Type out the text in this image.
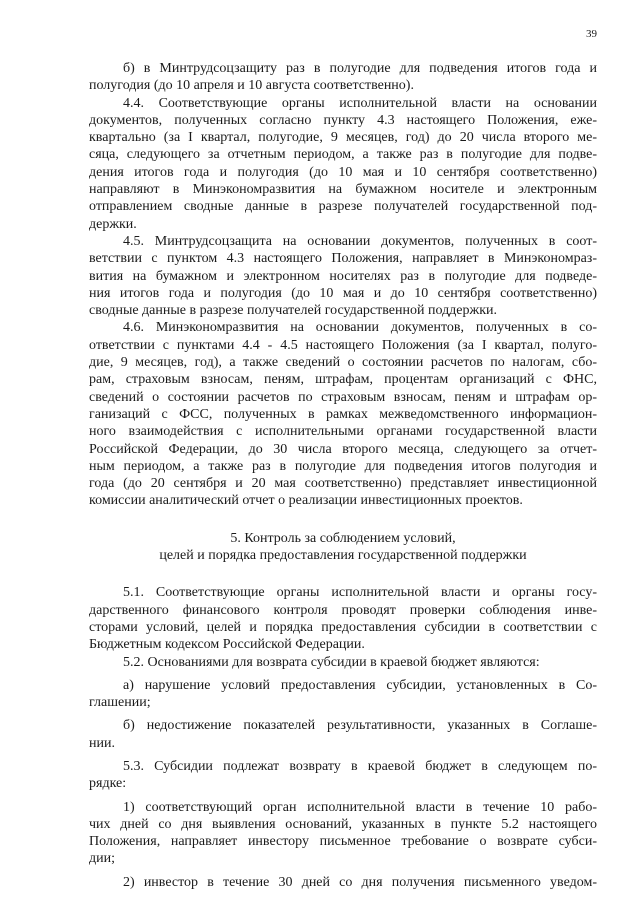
39
б) в Минтрудсоцзащиту раз в полугодие для подведения итогов года и
полугодия (до 10 апреля и 10 августа соответственно).
4.4. Соответствующие органы исполнительной власти на основании
документов, полученных согласно пункту 4.3 настоящего Положения, еже-
квартально (за I квартал, полугодие, 9 месяцев, год) до 20 числа второго ме-
сяца, следующего за отчетным периодом, а также раз в полугодие для подве-
дения итогов года и полугодия (до 10 мая и 10 сентября соответственно)
направляют в Минэкономразвития на бумажном носителе и электронным
отправлением сводные данные в разрезе получателей государственной под-
держки.
4.5. Минтрудсоцзащита на основании документов, полученных в соот-
ветствии с пунктом 4.3 настоящего Положения, направляет в Минэкономраз-
вития на бумажном и электронном носителях раз в полугодие для подведе-
ния итогов года и полугодия (до 10 мая и до 10 сентября соответственно)
сводные данные в разрезе получателей государственной поддержки.
4.6. Минэкономразвития на основании документов, полученных в со-
ответствии с пунктами 4.4 - 4.5 настоящего Положения (за I квартал, полуго-
дие, 9 месяцев, год), а также сведений о состоянии расчетов по налогам, сбо-
рам, страховым взносам, пеням, штрафам, процентам организаций с ФНС,
сведений о состоянии расчетов по страховым взносам, пеням и штрафам ор-
ганизаций с ФСС, полученных в рамках межведомственного информацион-
ного взаимодействия с исполнительными органами государственной власти
Российской Федерации, до 30 числа второго месяца, следующего за отчет-
ным периодом, а также раз в полугодие для подведения итогов полугодия и
года (до 20 сентября и 20 мая соответственно) представляет инвестиционной
комиссии аналитический отчет о реализации инвестиционных проектов.
5. Контроль за соблюдением условий,
целей и порядка предоставления государственной поддержки
5.1. Соответствующие органы исполнительной власти и органы госу-
дарственного финансового контроля проводят проверки соблюдения инве-
сторами условий, целей и порядка предоставления субсидии в соответствии с
Бюджетным кодексом Российской Федерации.
5.2. Основаниями для возврата субсидии в краевой бюджет являются:
а) нарушение условий предоставления субсидии, установленных в Со-
глашении;
б) недостижение показателей результативности, указанных в Соглаше-
нии.
5.3. Субсидии подлежат возврату в краевой бюджет в следующем по-
рядке:
1) соответствующий орган исполнительной власти в течение 10 рабо-
чих дней со дня выявления оснований, указанных в пункте 5.2 настоящего
Положения, направляет инвестору письменное требование о возврате субси-
дии;
2) инвестор в течение 30 дней со дня получения письменного уведом-
